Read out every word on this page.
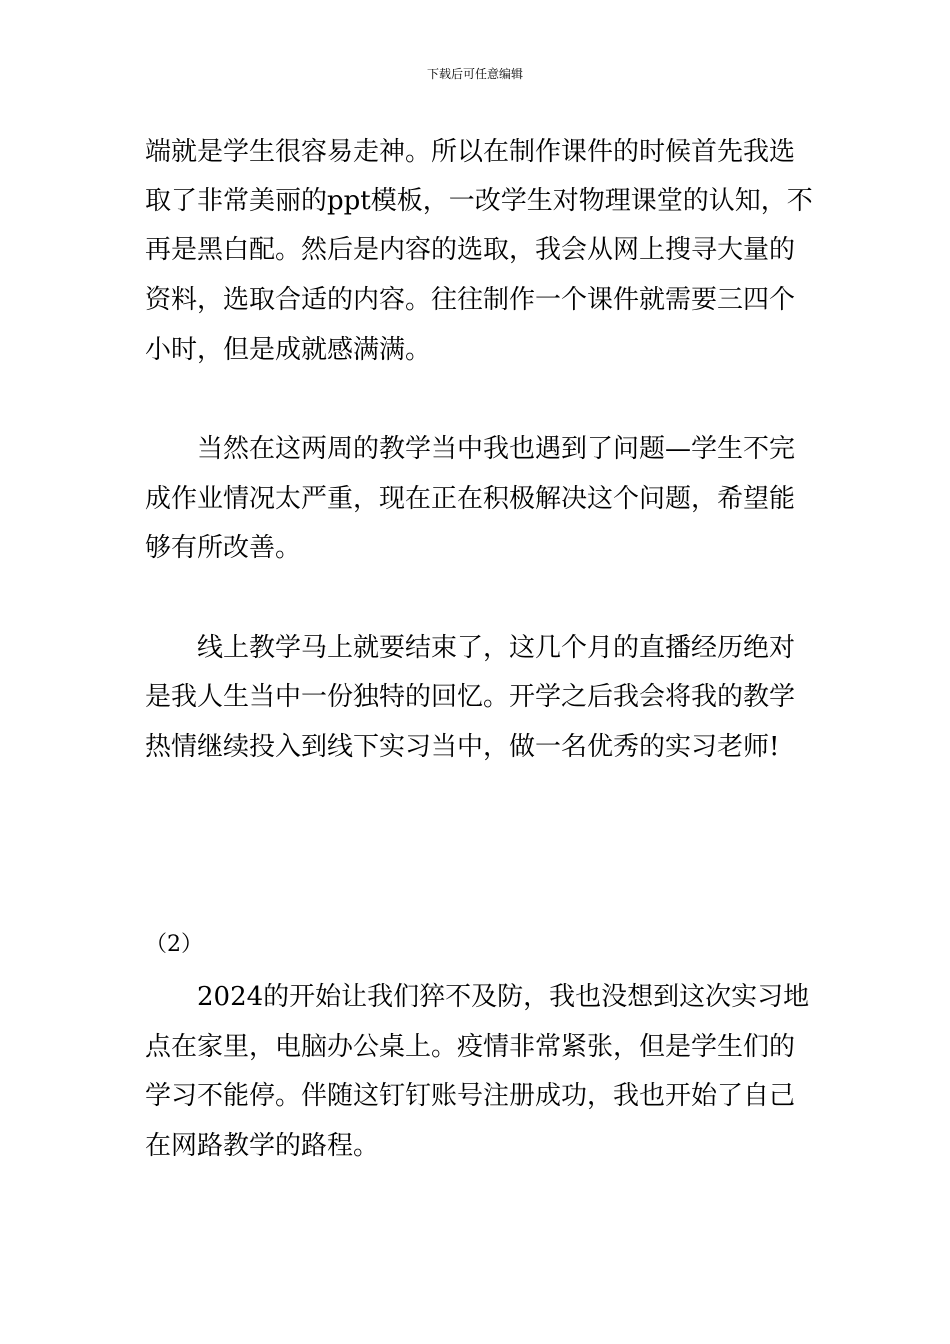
下载后可任意编辑
端就是学生很容易走神。所以在制作课件的时候首先我选
取了非常美丽的ppt模板，一改学生对物理课堂的认知，不
再是黑白配。然后是内容的选取，我会从网上搜寻大量的
资料，选取合适的内容。往往制作一个课件就需要三四个
小时，但是成就感满满。
当然在这两周的教学当中我也遇到了问题—学生不完
成作业情况太严重，现在正在积极解决这个问题，希望能
够有所改善。
线上教学马上就要结束了，这几个月的直播经历绝对
是我人生当中一份独特的回忆。开学之后我会将我的教学
热情继续投入到线下实习当中，做一名优秀的实习老师!
（2）
2024的开始让我们猝不及防，我也没想到这次实习地
点在家里，电脑办公桌上。疫情非常紧张，但是学生们的
学习不能停。伴随这钉钉账号注册成功，我也开始了自己
在网路教学的路程。
